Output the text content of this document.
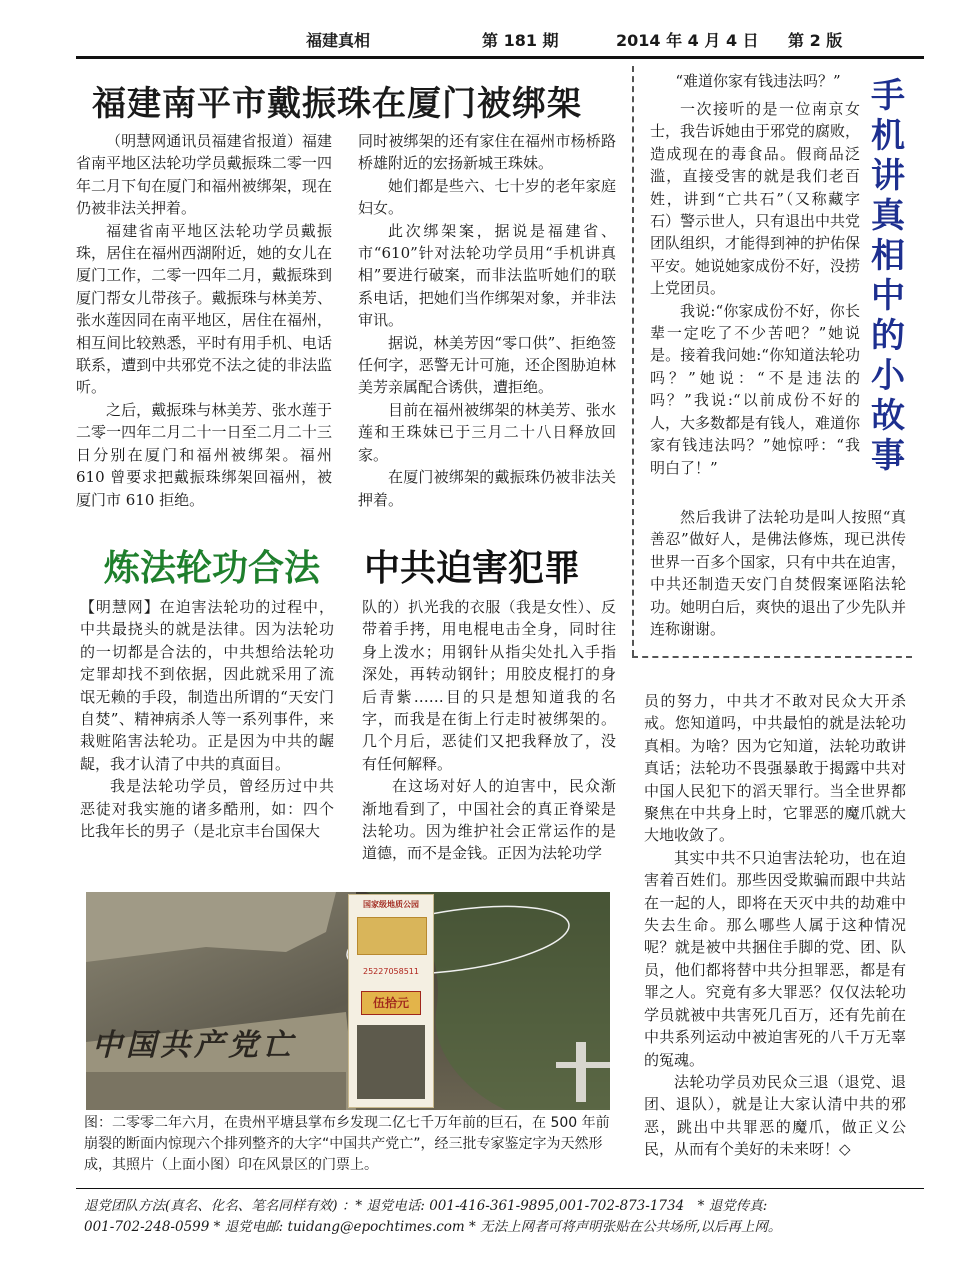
福建真相	第 181 期	2014 年 4 月 4 日 第 2 版
福建南平市戴振珠在厦门被绑架

（明慧网通讯员福建省报道）福建省南平地区法轮功学员戴振珠二零一四年二月下旬在厦门和福州被绑架，现在仍被非法关押着。

福建省南平地区法轮功学员戴振珠，居住在福州西湖附近，她的女儿在厦门工作，二零一四年二月，戴振珠到厦门帮女儿带孩子。戴振珠与林美芳、张水莲因同在南平地区，居住在福州，相互间比较熟悉，平时有用手机、电话联系，遭到中共邪党不法之徒的非法监听。

之后，戴振珠与林美芳、张水莲于二零一四年二月二十一日至二月二十三日分别在厦门和福州被绑架。福州 610 曾要求把戴振珠绑架回福州，被厦门市 610 拒绝。

同时被绑架的还有家住在福州市杨桥路桥雄附近的宏扬新城王珠妹。

她们都是些六、七十岁的老年家庭妇女。

此次绑架案，据说是福建省、市“610”针对法轮功学员用“手机讲真相”要进行破案，而非法监听她们的联系电话，把她们当作绑架对象，并非法审讯。

据说，林美芳因“零口供”、拒绝签任何字，恶警无计可施，还企图胁迫林美芳亲属配合诱供，遭拒绝。

目前在福州被绑架的林美芳、张水莲和王珠妹已于三月二十八日释放回家。

在厦门被绑架的戴振珠仍被非法关押着。

“难道你家有钱违法吗？”

一次接听的是一位南京女士，我告诉她由于邪党的腐败，造成现在的毒食品。假商品泛滥，直接受害的就是我们老百姓，讲到“亡共石”（又称藏字石）警示世人，只有退出中共党团队组织，才能得到神的护佑保平安。她说她家成份不好，没捞上党团员。

我说:“你家成份不好，你长辈一定吃了不少苦吧？”她说是。接着我问她:“你知道法轮功吗？”她说：“不是违法的吗？”我说:“以前成份不好的人，大多数都是有钱人，难道你家有钱违法吗？”她惊呼：“我明白了！”

然后我讲了法轮功是叫人按照“真善忍”做好人，是佛法修炼，现已洪传世界一百多个国家，只有中共在迫害，中共还制造天安门自焚假案诬陷法轮功。她明白后，爽快的退出了少先队并连称谢谢。

手
机
讲
真
相
中
的
小
故
事
炼法轮功合法 中共迫害犯罪

【明慧网】在迫害法轮功的过程中，中共最挠头的就是法律。因为法轮功的一切都是合法的，中共想给法轮功定罪却找不到依据，因此就采用了流氓无赖的手段，制造出所谓的“天安门自焚”、精神病杀人等一系列事件，来栽赃陷害法轮功。正是因为中共的龌龊，我才认清了中共的真面目。

我是法轮功学员，曾经历过中共恶徒对我实施的诸多酷刑，如：四个比我年长的男子（是北京丰台国保大

队的）扒光我的衣服（我是女性）、反带着手拷，用电棍电击全身，同时往身上泼水；用钢针从指尖处扎入手指深处，再转动钢针；用胶皮棍打的身后青紫……目的只是想知道我的名字，而我是在街上行走时被绑架的。几个月后，恶徒们又把我释放了，没有任何解释。

在这场对好人的迫害中，民众渐渐地看到了，中国社会的真正脊梁是法轮功。因为维护社会正常运作的是道德，而不是金钱。正因为法轮功学

员的努力，中共才不敢对民众大开杀戒。您知道吗，中共最怕的就是法轮功真相。为啥？因为它知道，法轮功敢讲真话；法轮功不畏强暴敢于揭露中共对中国人民犯下的滔天罪行。当全世界都聚焦在中共身上时，它罪恶的魔爪就大大地收敛了。

其实中共不只迫害法轮功，也在迫害着百姓们。那些因受欺骗而跟中共站在一起的人，即将在天灭中共的劫难中失去生命。那么哪些人属于这种情况呢？就是被中共捆住手脚的党、团、队员，他们都将替中共分担罪恶，都是有罪之人。究竟有多大罪恶？仅仅法轮功学员就被中共害死几百万，还有先前在中共系列运动中被迫害死的八千万无辜的冤魂。

法轮功学员劝民众三退（退党、退团、退队），就是让大家认清中共的邪恶，跳出中共罪恶的魔爪，做正义公民，从而有个美好的未来呀！◇

中国共产党亡
国家级地质公园
25227058511
伍拾元
图：二零零二年六月，在贵州平塘县掌布乡发现二亿七千万年前的巨石，在 500 年前崩裂的断面内惊现六个排列整齐的大字“中国共产党亡”，经三批专家鉴定字为天然形成，其照片（上面小图）印在风景区的门票上。
退党团队方法(真名、化名、笔名同样有效) ：* 退党电话: 001-416-361-9895,001-702-873-1734　* 退党传真:
001-702-248-0599 * 退党电邮: tuidang@epochtimes.com * 无法上网者可将声明张贴在公共场所,以后再上网。
